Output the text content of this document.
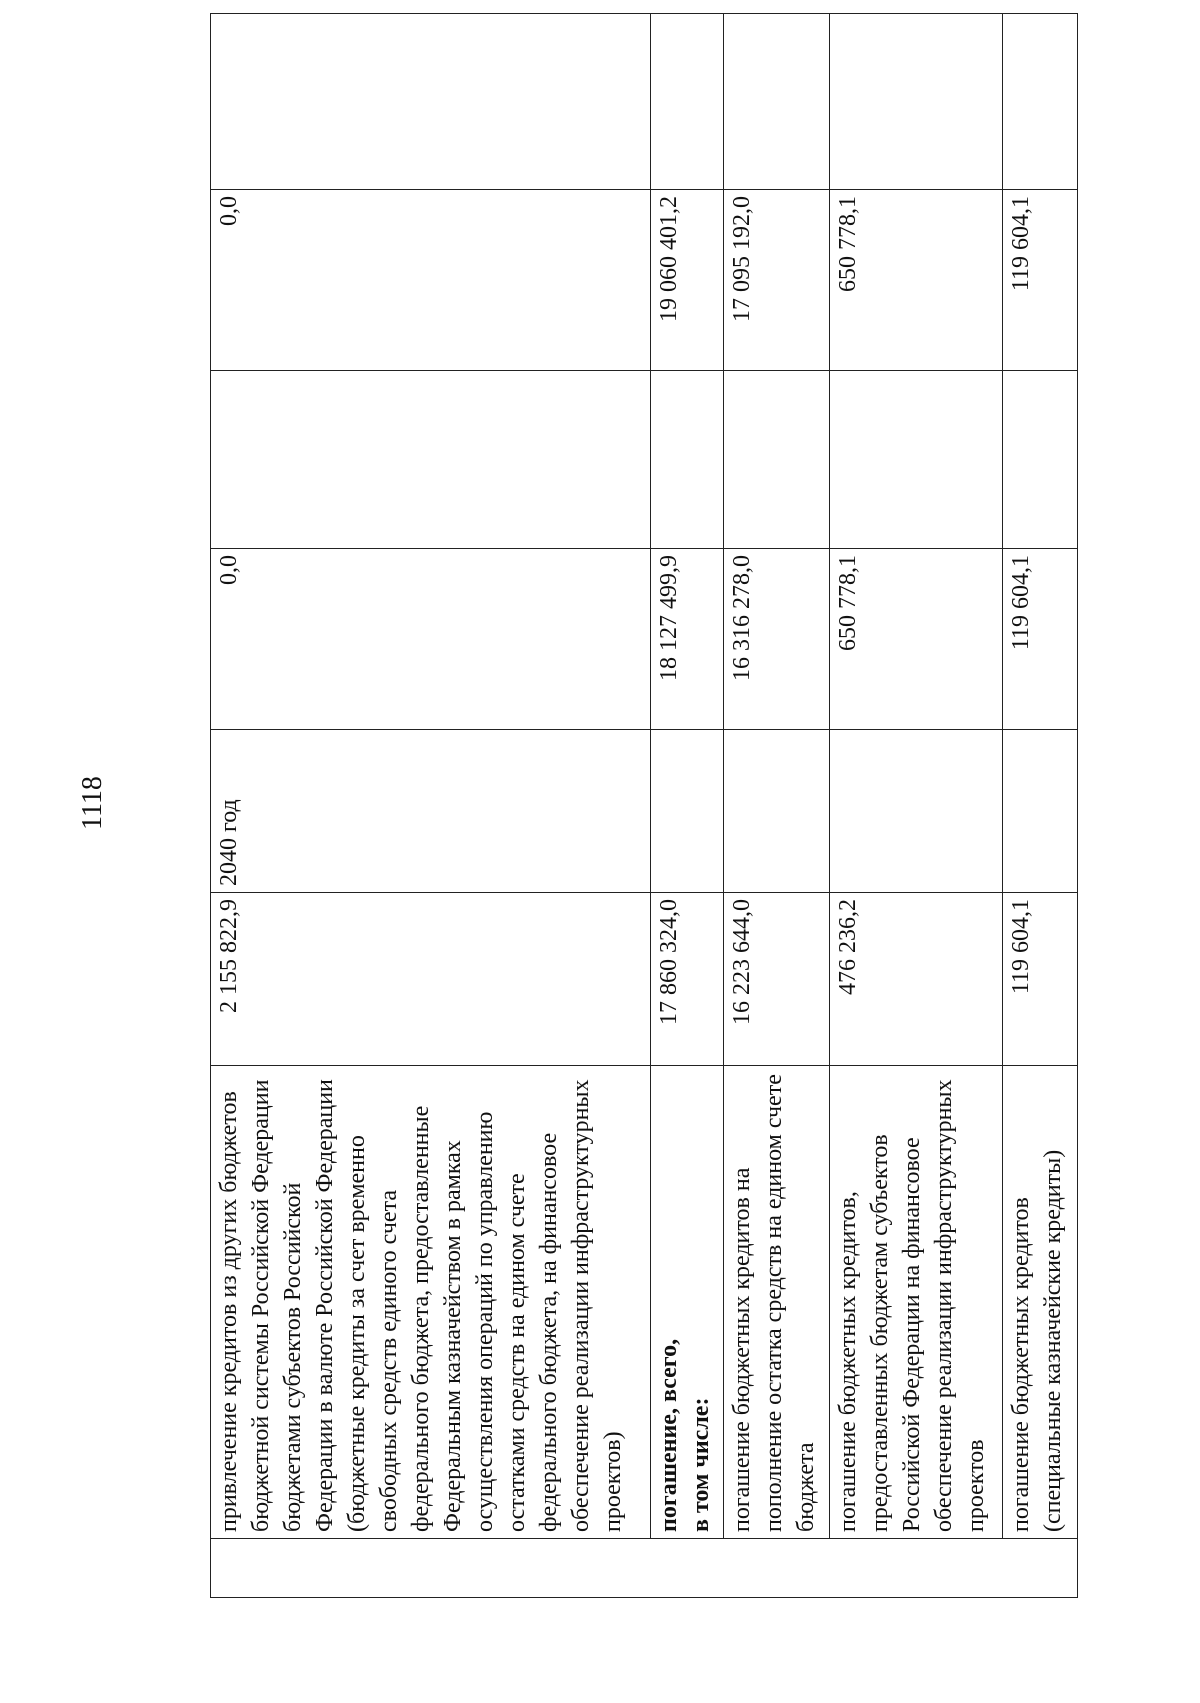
1118

	привлечение кредитов из других бюджетов бюджетной системы Российской Федерации бюджетами субъектов Российской Федерации в валюте Российской Федерации (бюджетные кредиты за счет временно свободных средств единого счета федерального бюджета, предоставленные Федеральным казначейством в рамках осуществления операций по управлению остатками средств на едином счете федерального бюджета, на финансовое обеспечение реализации инфраструктурных проектов)	2 155 822,9	2040 год	0,0		0,0	

	погашение, всего, в том числе:	17 860 324,0		18 127 499,9		19 060 401,2	

	погашение бюджетных кредитов на пополнение остатка средств на едином счете бюджета	16 223 644,0		16 316 278,0		17 095 192,0	

	погашение бюджетных кредитов, предоставленных бюджетам субъектов Российской Федерации на финансовое обеспечение реализации инфраструктурных проектов	476 236,2		650 778,1		650 778,1	

	погашение бюджетных кредитов (специальные казначейские кредиты)	119 604,1		119 604,1		119 604,1	
